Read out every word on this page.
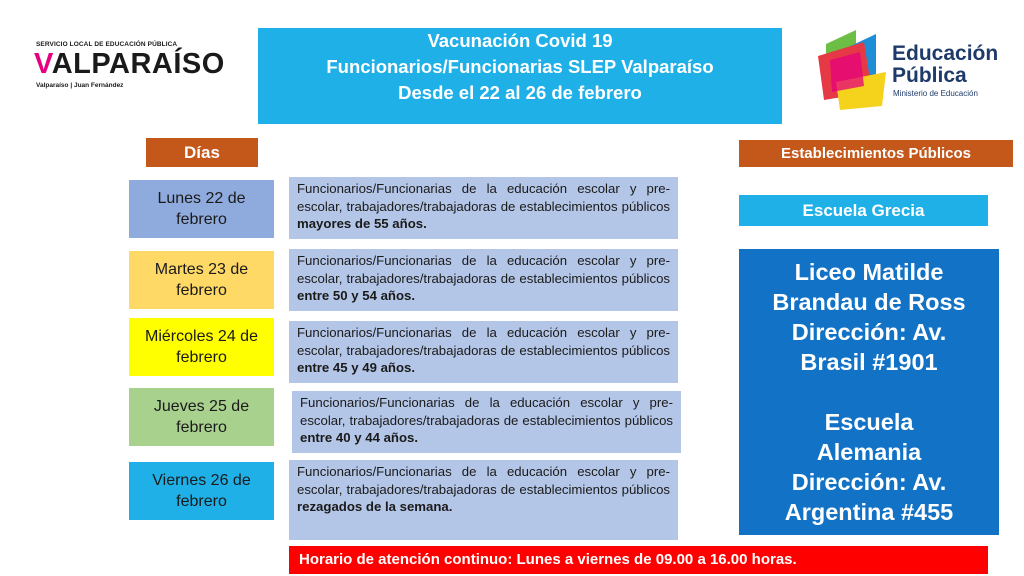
SERVICIO LOCAL DE EDUCACIÓN PÚBLICA
VALPARAÍSO
Valparaíso | Juan Fernández
Vacunación Covid 19
Funcionarios/Funcionarias SLEP Valparaíso
Desde el 22 al 26 de febrero
Educación
Pública
Ministerio de Educación
Días	Establecimientos Públicos
Lunes 22 de febrero
Funcionarios/Funcionarias de la educación escolar y pre- escolar, trabajadores/trabajadoras de establecimientos públicos mayores de 55 años.
Martes 23 de febrero
Funcionarios/Funcionarias de la educación escolar y pre- escolar, trabajadores/trabajadoras de establecimientos públicos entre 50 y 54 años.
Miércoles 24 de febrero
Funcionarios/Funcionarias de la educación escolar y pre- escolar, trabajadores/trabajadoras de establecimientos públicos entre 45 y 49 años.
Jueves 25 de febrero
Funcionarios/Funcionarias de la educación escolar y pre- escolar, trabajadores/trabajadoras de establecimientos públicos entre 40 y 44 años.
Viernes 26 de febrero
Funcionarios/Funcionarias de la educación escolar y pre- escolar, trabajadores/trabajadoras de establecimientos públicos rezagados de la semana.
Escuela Grecia
Liceo Matilde
Brandau de Ross
Dirección: Av.
Brasil #1901
Escuela
Alemania
Dirección: Av.
Argentina #455
Horario de atención continuo: Lunes a viernes de 09.00 a 16.00 horas.
